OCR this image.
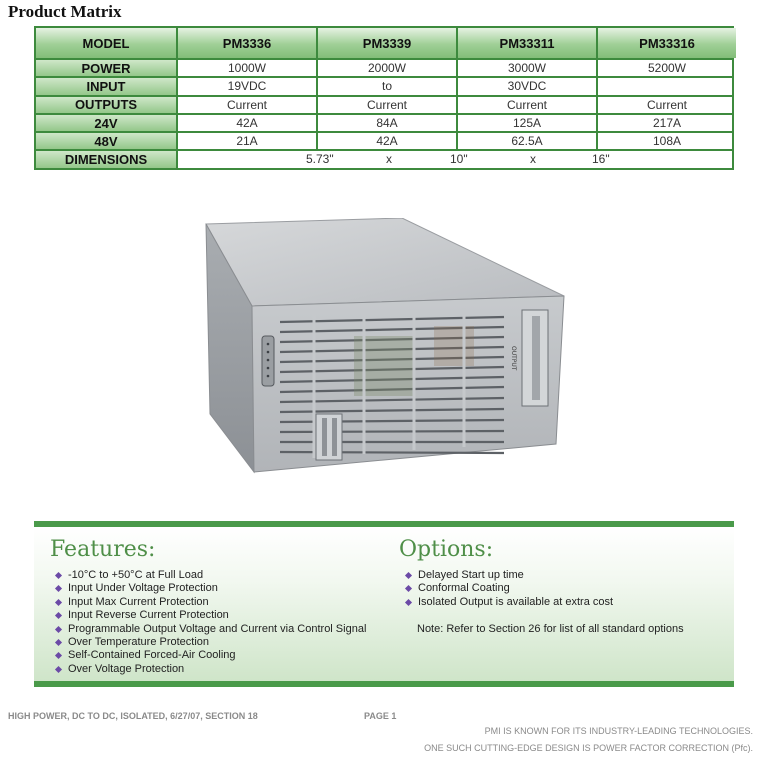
Product Matrix
MODEL	PM3336	PM3339	PM33311	PM33316
POWER	1000W	2000W	3000W	5200W
INPUT	19VDC	to	30VDC
OUTPUTS	Current	Current	Current	Current
24V	42A	84A	125A	217A
48V	21A	42A	62.5A	108A
DIMENSIONS	5.73"	x	10"	x	16"
OUTPUT
Features:
-10°C to +50°C at Full Load
Input Under Voltage Protection
Input Max Current Protection
Input Reverse Current Protection
Programmable Output Voltage and Current via Control Signal
Over Temperature Protection
Self-Contained Forced-Air Cooling
Over Voltage Protection
Options:
Delayed Start up time
Conformal Coating
Isolated Output is available at extra cost
Note: Refer to Section 26 for list of all standard options
HIGH POWER, DC TO DC, ISOLATED, 6/27/07, SECTION 18	PAGE 1
PMI IS KNOWN FOR ITS INDUSTRY-LEADING TECHNOLOGIES.
ONE SUCH CUTTING-EDGE DESIGN IS POWER FACTOR CORRECTION (Pfc).
